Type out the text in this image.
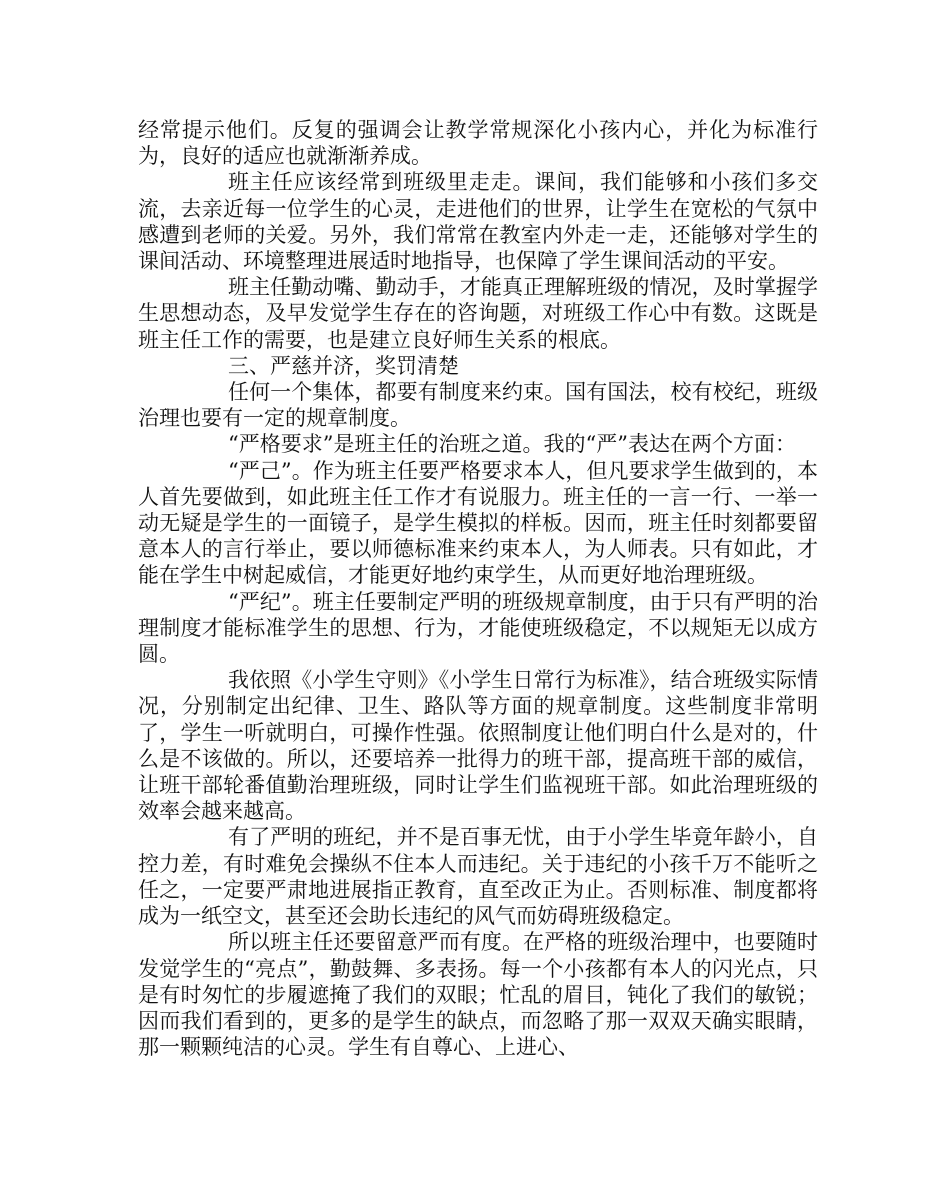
经常提示他们。反复的强调会让教学常规深化小孩内心，并化为标准行为，良好的适应也就渐渐养成。

班主任应该经常到班级里走走。课间，我们能够和小孩们多交流，去亲近每一位学生的心灵，走进他们的世界，让学生在宽松的气氛中感遭到老师的关爱。另外，我们常常在教室内外走一走，还能够对学生的课间活动、环境整理进展适时地指导，也保障了学生课间活动的平安。

班主任勤动嘴、勤动手，才能真正理解班级的情况，及时掌握学生思想动态，及早发觉学生存在的咨询题，对班级工作心中有数。这既是班主任工作的需要，也是建立良好师生关系的根底。

三、严慈并济，奖罚清楚

任何一个集体，都要有制度来约束。国有国法，校有校纪，班级治理也要有一定的规章制度。

“严格要求”是班主任的治班之道。我的“严”表达在两个方面：

“严己”。作为班主任要严格要求本人，但凡要求学生做到的，本人首先要做到，如此班主任工作才有说服力。班主任的一言一行、一举一动无疑是学生的一面镜子，是学生模拟的样板。因而，班主任时刻都要留意本人的言行举止，要以师德标准来约束本人，为人师表。只有如此，才能在学生中树起威信，才能更好地约束学生，从而更好地治理班级。

“严纪”。班主任要制定严明的班级规章制度，由于只有严明的治理制度才能标准学生的思想、行为，才能使班级稳定，不以规矩无以成方圆。

我依照《小学生守则》《小学生日常行为标准》，结合班级实际情况，分别制定出纪律、卫生、路队等方面的规章制度。这些制度非常明了，学生一听就明白，可操作性强。依照制度让他们明白什么是对的，什么是不该做的。所以，还要培养一批得力的班干部，提高班干部的威信，让班干部轮番值勤治理班级，同时让学生们监视班干部。如此治理班级的效率会越来越高。

有了严明的班纪，并不是百事无忧，由于小学生毕竟年龄小，自控力差，有时难免会操纵不住本人而违纪。关于违纪的小孩千万不能听之任之，一定要严肃地进展指正教育，直至改正为止。否则标准、制度都将成为一纸空文，甚至还会助长违纪的风气而妨碍班级稳定。

所以班主任还要留意严而有度。在严格的班级治理中，也要随时发觉学生的“亮点”，勤鼓舞、多表扬。每一个小孩都有本人的闪光点，只是有时匆忙的步履遮掩了我们的双眼；忙乱的眉目，钝化了我们的敏锐；因而我们看到的，更多的是学生的缺点，而忽略了那一双双天确实眼睛，那一颗颗纯洁的心灵。学生有自尊心、上进心、
